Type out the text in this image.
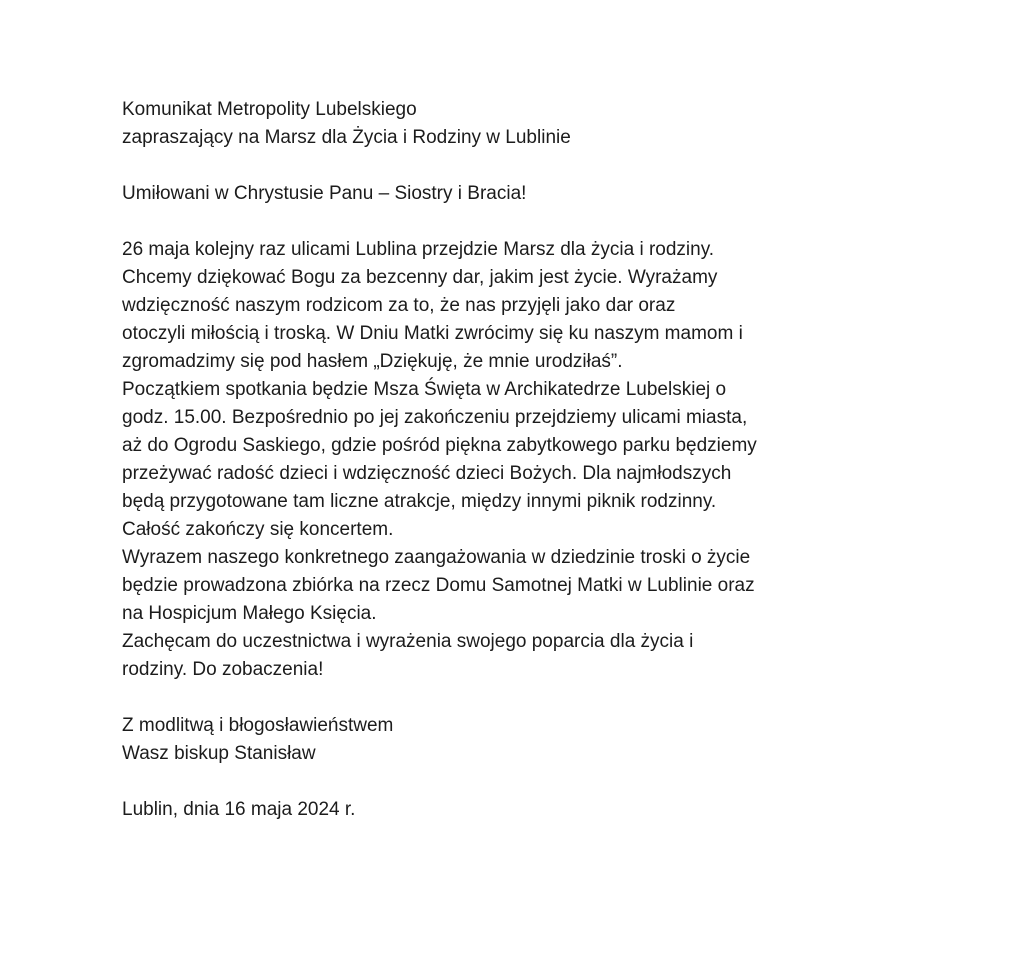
Komunikat Metropolity Lubelskiego
zapraszający na Marsz dla Życia i Rodziny w Lublinie
Umiłowani w Chrystusie Panu – Siostry i Bracia!
26 maja kolejny raz ulicami Lublina przejdzie Marsz dla życia i rodziny.
Chcemy dziękować Bogu za bezcenny dar, jakim jest życie. Wyrażamy
wdzięczność naszym rodzicom za to, że nas przyjęli jako dar oraz
otoczyli miłością i troską. W Dniu Matki zwrócimy się ku naszym mamom i
zgromadzimy się pod hasłem „Dziękuję, że mnie urodziłaś”.
Początkiem spotkania będzie Msza Święta w Archikatedrze Lubelskiej o
godz. 15.00. Bezpośrednio po jej zakończeniu przejdziemy ulicami miasta,
aż do Ogrodu Saskiego, gdzie pośród piękna zabytkowego parku będziemy
przeżywać radość dzieci i wdzięczność dzieci Bożych. Dla najmłodszych
będą przygotowane tam liczne atrakcje, między innymi piknik rodzinny.
Całość zakończy się koncertem.
Wyrazem naszego konkretnego zaangażowania w dziedzinie troski o życie
będzie prowadzona zbiórka na rzecz Domu Samotnej Matki w Lublinie oraz
na Hospicjum Małego Księcia.
Zachęcam do uczestnictwa i wyrażenia swojego poparcia dla życia i
rodziny. Do zobaczenia!
Z modlitwą i błogosławieństwem
Wasz biskup Stanisław
Lublin, dnia 16 maja 2024 r.
